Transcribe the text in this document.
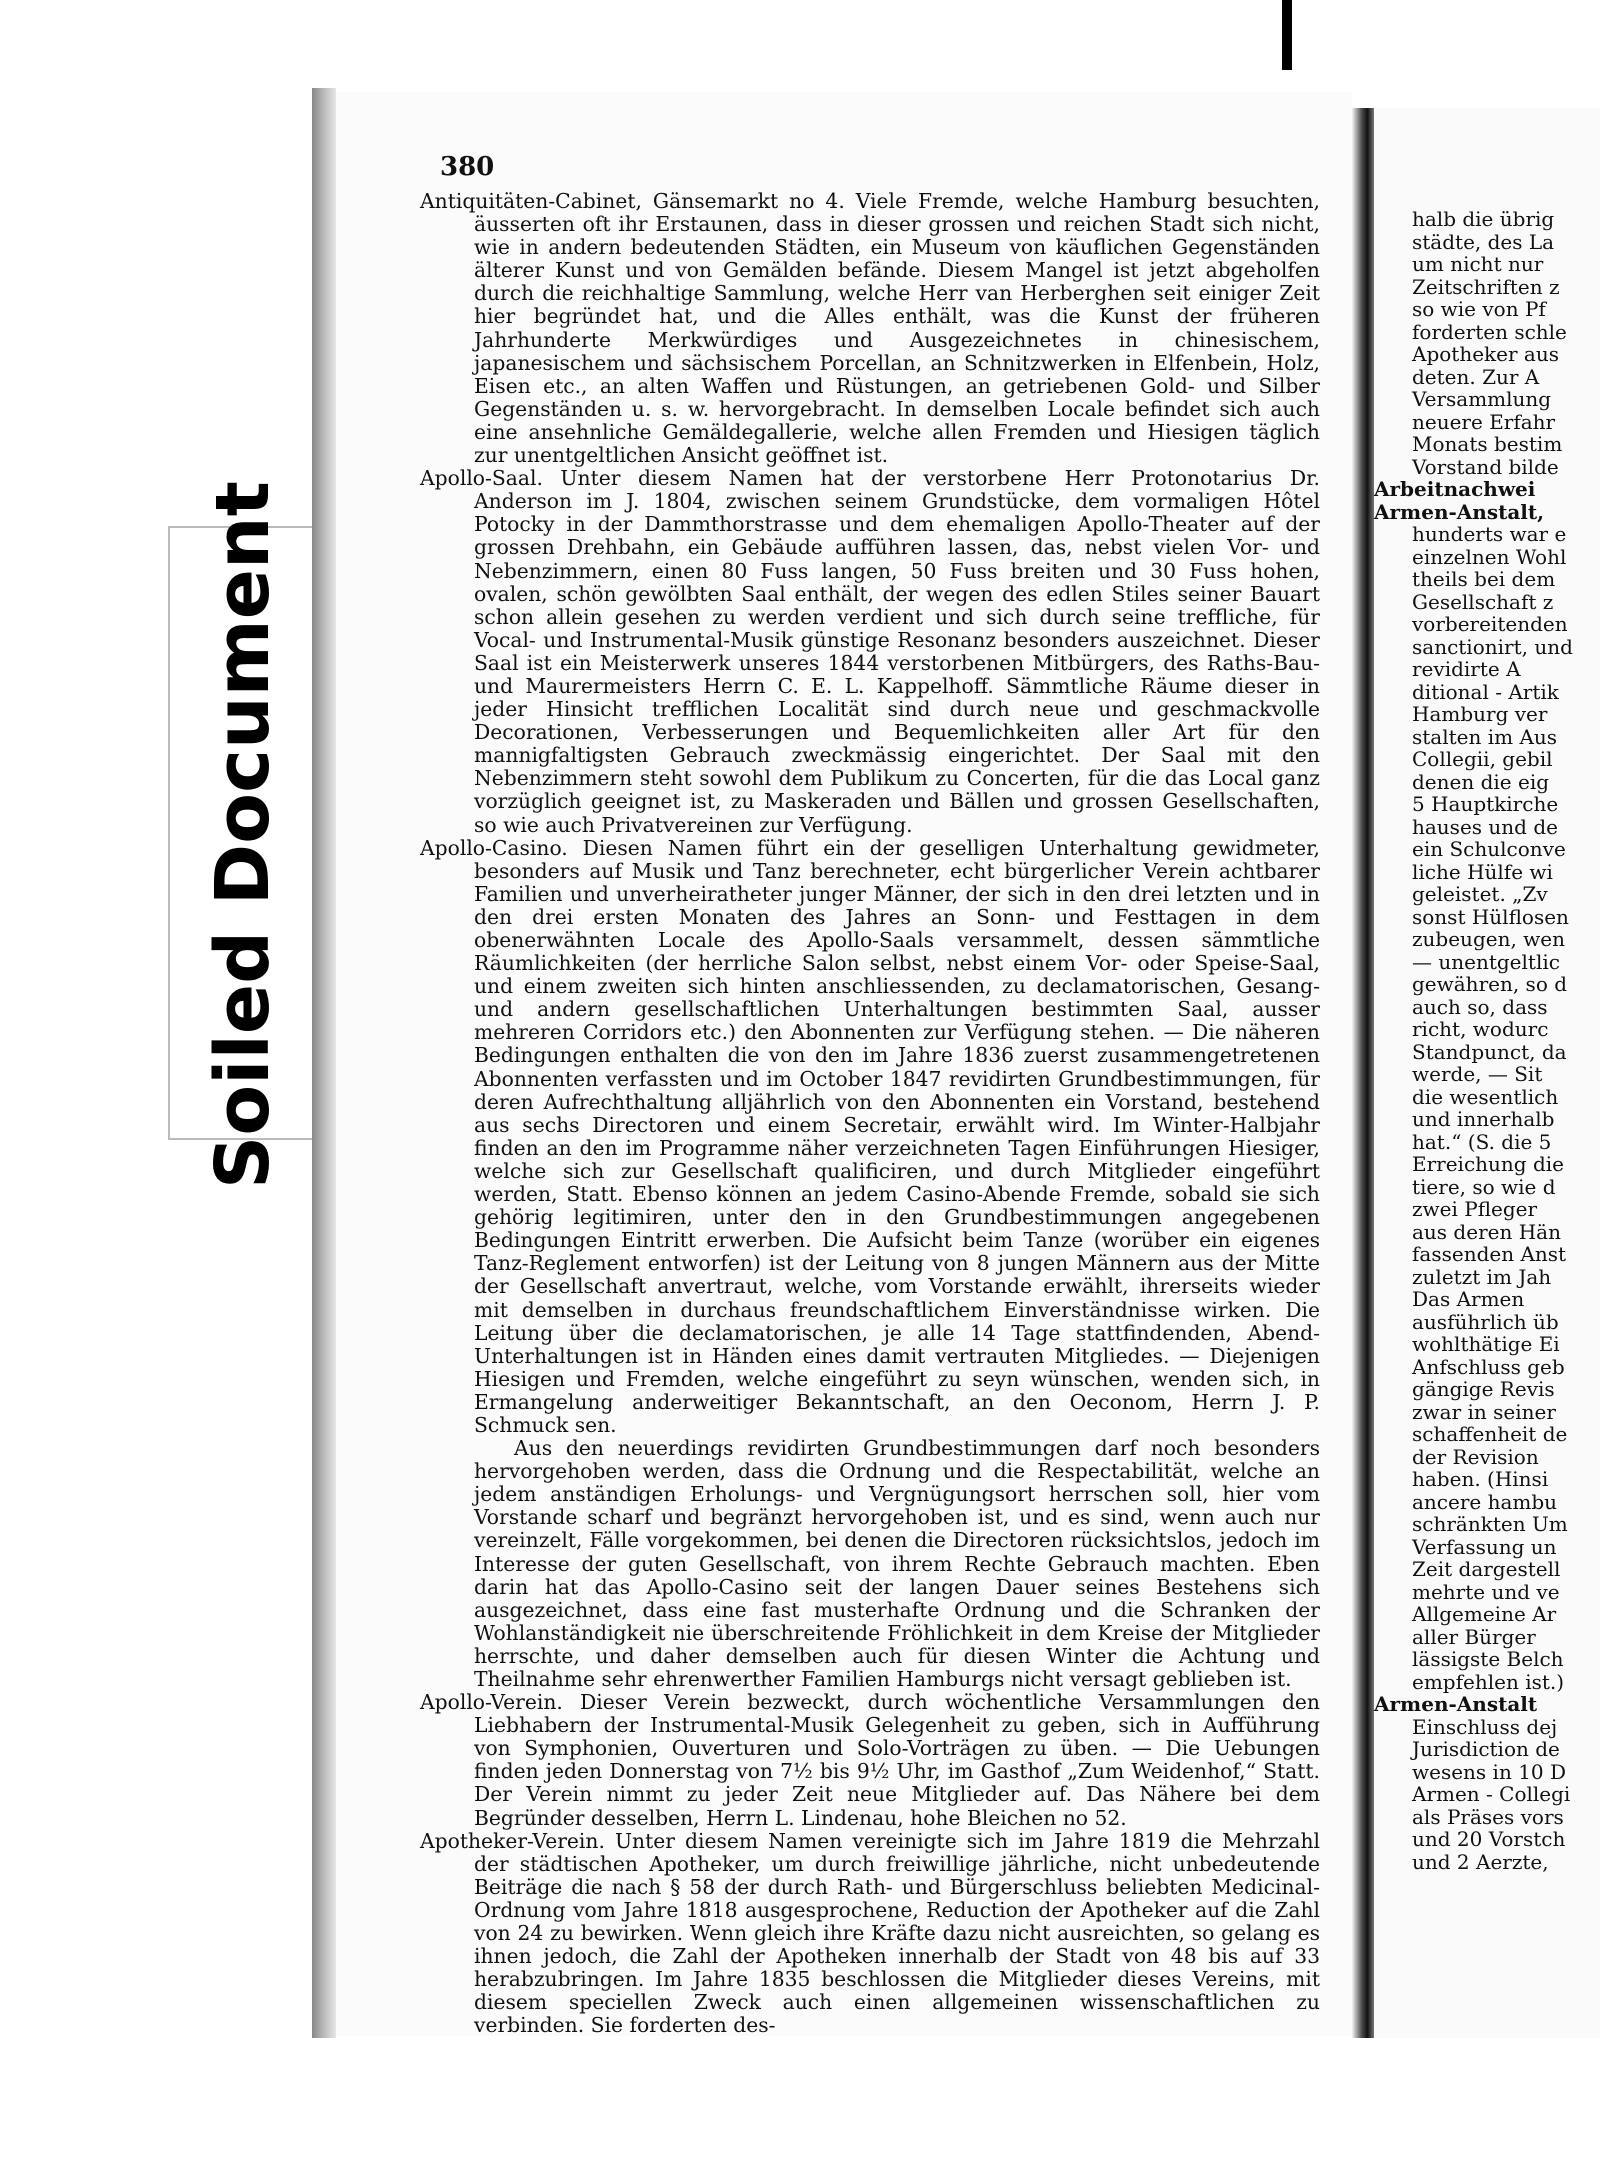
Soiled Document
380

Antiquitäten-Cabinet, Gänsemarkt no 4. Viele Fremde, welche Hamburg besuchten, äusserten oft ihr Erstaunen, dass in dieser grossen und reichen Stadt sich nicht, wie in andern bedeutenden Städten, ein Museum von käuflichen Gegenständen älterer Kunst und von Gemälden befände. Diesem Mangel ist jetzt abgeholfen durch die reichhaltige Sammlung, welche Herr van Herberghen seit einiger Zeit hier begründet hat, und die Alles enthält, was die Kunst der früheren Jahrhunderte Merkwürdiges und Ausgezeichnetes in chinesischem, japanesischem und sächsischem Porcellan, an Schnitzwerken in Elfenbein, Holz, Eisen etc., an alten Waffen und Rüstungen, an getriebenen Gold- und Silber Gegenständen u. s. w. hervorgebracht. In demselben Locale befindet sich auch eine ansehnliche Gemäldegallerie, welche allen Fremden und Hiesigen täglich zur unentgeltlichen Ansicht geöffnet ist.

Apollo-Saal. Unter diesem Namen hat der verstorbene Herr Protonotarius Dr. Anderson im J. 1804, zwischen seinem Grundstücke, dem vormaligen Hôtel Potocky in der Dammthorstrasse und dem ehemaligen Apollo-Theater auf der grossen Drehbahn, ein Gebäude aufführen lassen, das, nebst vielen Vor- und Nebenzimmern, einen 80 Fuss langen, 50 Fuss breiten und 30 Fuss hohen, ovalen, schön gewölbten Saal enthält, der wegen des edlen Stiles seiner Bauart schon allein gesehen zu werden verdient und sich durch seine treffliche, für Vocal- und Instrumental-Musik günstige Resonanz besonders auszeichnet. Dieser Saal ist ein Meisterwerk unseres 1844 verstorbenen Mitbürgers, des Raths-Bau- und Maurermeisters Herrn C. E. L. Kappelhoff. Sämmtliche Räume dieser in jeder Hinsicht trefflichen Localität sind durch neue und geschmackvolle Decorationen, Verbesserungen und Bequemlichkeiten aller Art für den mannigfaltigsten Gebrauch zweckmässig eingerichtet. Der Saal mit den Nebenzimmern steht sowohl dem Publikum zu Concerten, für die das Local ganz vorzüglich geeignet ist, zu Maskeraden und Bällen und grossen Gesellschaften, so wie auch Privatvereinen zur Verfügung.

Apollo-Casino. Diesen Namen führt ein der geselligen Unterhaltung gewidmeter, besonders auf Musik und Tanz berechneter, echt bürgerlicher Verein achtbarer Familien und unverheiratheter junger Männer, der sich in den drei letzten und in den drei ersten Monaten des Jahres an Sonn- und Festtagen in dem obenerwähnten Locale des Apollo-Saals versammelt, dessen sämmtliche Räumlichkeiten (der herrliche Salon selbst, nebst einem Vor- oder Speise-Saal, und einem zweiten sich hinten anschliessenden, zu declamatorischen, Gesang- und andern gesellschaftlichen Unterhaltungen bestimmten Saal, ausser mehreren Corridors etc.) den Abonnenten zur Verfügung stehen. — Die näheren Bedingungen enthalten die von den im Jahre 1836 zuerst zusammengetretenen Abonnenten verfassten und im October 1847 revidirten Grundbestimmungen, für deren Aufrechthaltung alljährlich von den Abonnenten ein Vorstand, bestehend aus sechs Directoren und einem Secretair, erwählt wird. Im Winter-Halbjahr finden an den im Programme näher verzeichneten Tagen Einführungen Hiesiger, welche sich zur Gesellschaft qualificiren, und durch Mitglieder eingeführt werden, Statt. Ebenso können an jedem Casino-Abende Fremde, sobald sie sich gehörig legitimiren, unter den in den Grundbestimmungen angegebenen Bedingungen Eintritt erwerben. Die Aufsicht beim Tanze (worüber ein eigenes Tanz-Reglement entworfen) ist der Leitung von 8 jungen Männern aus der Mitte der Gesellschaft anvertraut, welche, vom Vorstande erwählt, ihrerseits wieder mit demselben in durchaus freundschaftlichem Einverständnisse wirken. Die Leitung über die declamatorischen, je alle 14 Tage stattfindenden, Abend-Unterhaltungen ist in Händen eines damit vertrauten Mitgliedes. — Diejenigen Hiesigen und Fremden, welche eingeführt zu seyn wünschen, wenden sich, in Ermangelung anderweitiger Bekanntschaft, an den Oeconom, Herrn J. P. Schmuck sen.

Aus den neuerdings revidirten Grundbestimmungen darf noch besonders hervorgehoben werden, dass die Ordnung und die Respectabilität, welche an jedem anständigen Erholungs- und Vergnügungsort herrschen soll, hier vom Vorstande scharf und begränzt hervorgehoben ist, und es sind, wenn auch nur vereinzelt, Fälle vorgekommen, bei denen die Directoren rücksichtslos, jedoch im Interesse der guten Gesellschaft, von ihrem Rechte Gebrauch machten. Eben darin hat das Apollo-Casino seit der langen Dauer seines Bestehens sich ausgezeichnet, dass eine fast musterhafte Ordnung und die Schranken der Wohlanständigkeit nie überschreitende Fröhlichkeit in dem Kreise der Mitglieder herrschte, und daher demselben auch für diesen Winter die Achtung und Theilnahme sehr ehrenwerther Familien Hamburgs nicht versagt geblieben ist.

Apollo-Verein. Dieser Verein bezweckt, durch wöchentliche Versammlungen den Liebhabern der Instrumental-Musik Gelegenheit zu geben, sich in Aufführung von Symphonien, Ouverturen und Solo-Vorträgen zu üben. — Die Uebungen finden jeden Donnerstag von 7½ bis 9½ Uhr, im Gasthof „Zum Weidenhof,“ Statt. Der Verein nimmt zu jeder Zeit neue Mitglieder auf. Das Nähere bei dem Begründer desselben, Herrn L. Lindenau, hohe Bleichen no 52.

Apotheker-Verein. Unter diesem Namen vereinigte sich im Jahre 1819 die Mehrzahl der städtischen Apotheker, um durch freiwillige jährliche, nicht unbedeutende Beiträge die nach § 58 der durch Rath- und Bürgerschluss beliebten Medicinal-Ordnung vom Jahre 1818 ausgesprochene, Reduction der Apotheker auf die Zahl von 24 zu bewirken. Wenn gleich ihre Kräfte dazu nicht ausreichten, so gelang es ihnen jedoch, die Zahl der Apotheken innerhalb der Stadt von 48 bis auf 33 herabzubringen. Im Jahre 1835 beschlossen die Mitglieder dieses Vereins, mit diesem speciellen Zweck auch einen allgemeinen wissenschaftlichen zu verbinden. Sie forderten des-

halb die übrig
städte, des La
um nicht nur
Zeitschriften z
so wie von Pf
forderten schle
Apotheker aus
deten. Zur A
Versammlung
neuere Erfahr
Monats bestim
Vorstand bilde
Arbeitnachwei
Armen-Anstalt,
hunderts war e
einzelnen Wohl
theils bei dem
Gesellschaft z
vorbereitenden
sanctionirt, und
revidirte A
ditional - Artik
Hamburg ver
stalten im Aus
Collegii, gebil
denen die eig
5 Hauptkirche
hauses und de
ein Schulconve
liche Hülfe wi
geleistet. „Zv
sonst Hülflosen
zubeugen, wen
— unentgeltlic
gewähren, so d
auch so, dass
richt, wodurc
Standpunct, da
werde, — Sit
die wesentlich
und innerhalb
hat.“ (S. die 5
Erreichung die
tiere, so wie d
zwei Pfleger
aus deren Hän
fassenden Anst
zuletzt im Jah
Das Armen
ausführlich üb
wohlthätige Ei
Anfschluss geb
gängige Revis
zwar in seiner
schaffenheit de
der Revision
haben. (Hinsi
ancere hambu
schränkten Um
Verfassung un
Zeit dargestell
mehrte und ve
Allgemeine Ar
aller Bürger
lässigste Belch
empfehlen ist.)
Armen-Anstalt
Einschluss dej
Jurisdiction de
wesens in 10 D
Armen - Collegi
als Präses vors
und 20 Vorstch
und 2 Aerzte,
